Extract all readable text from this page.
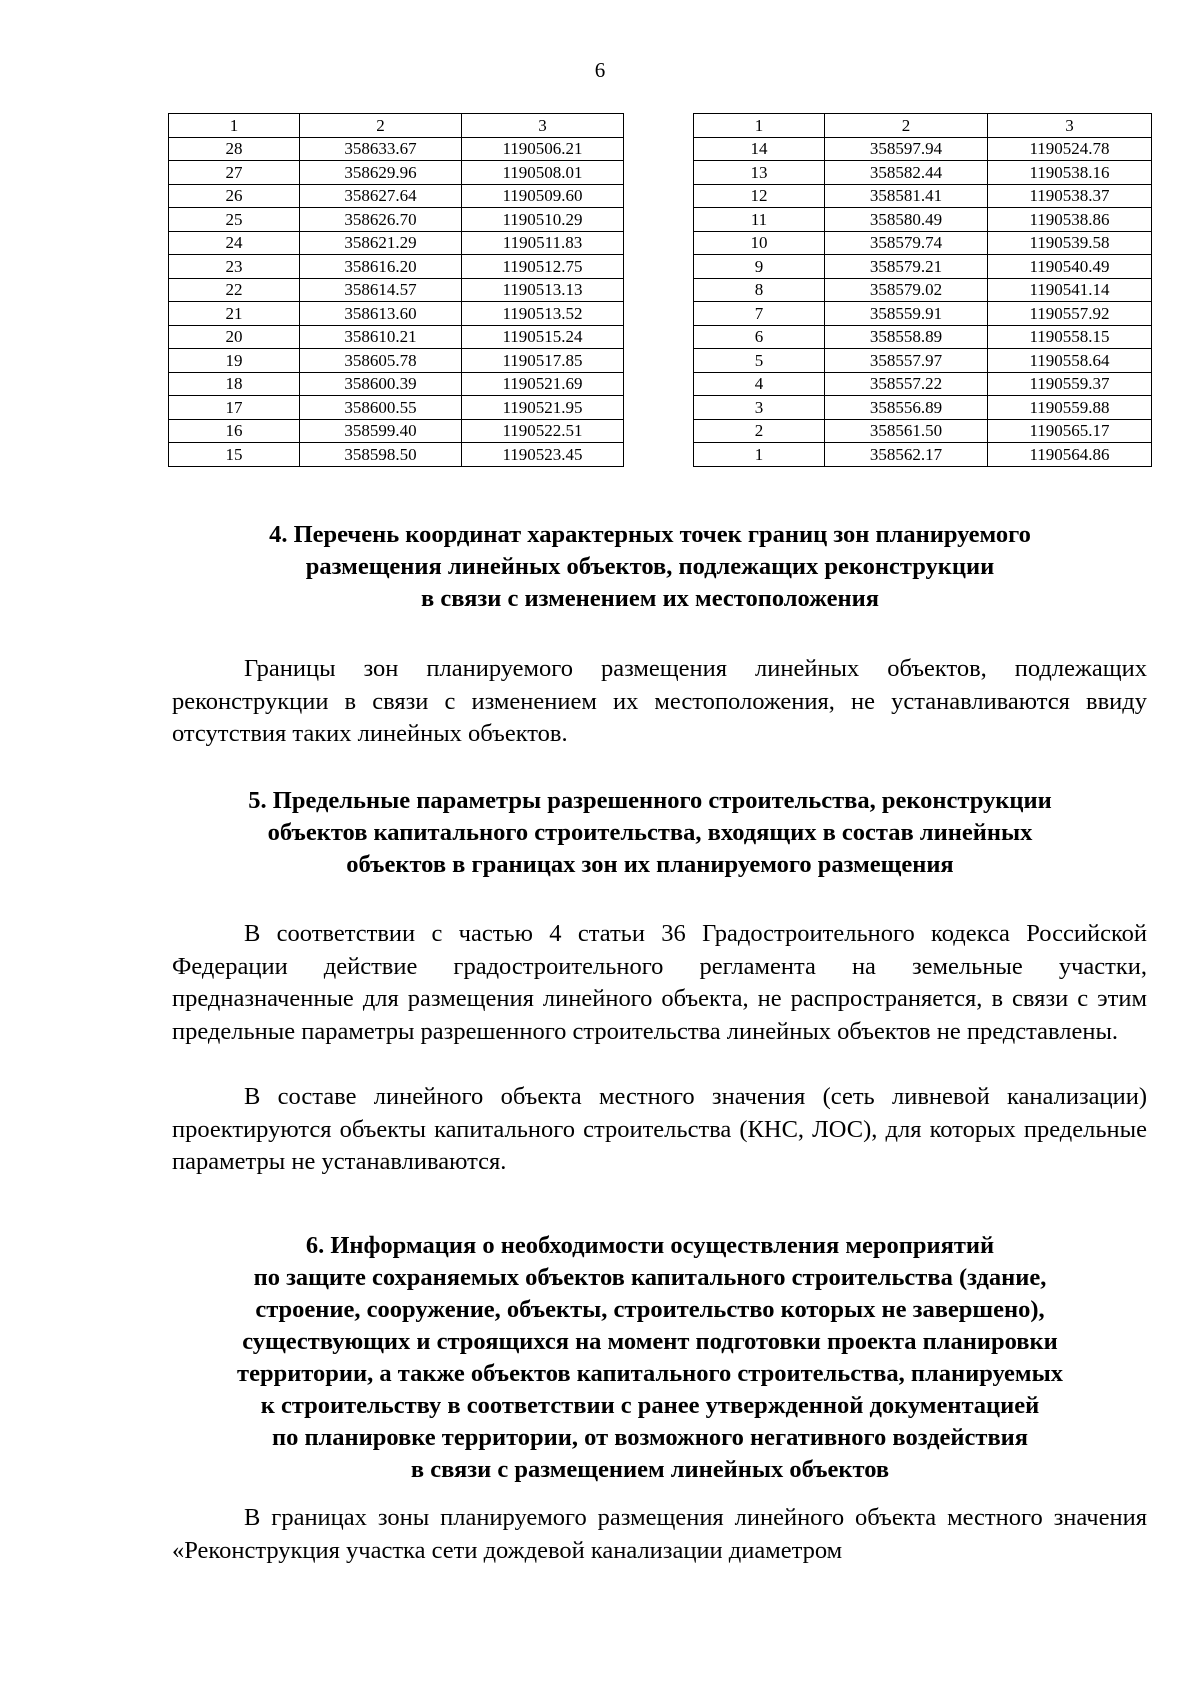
6
1	2	3
28	358633.67	1190506.21
27	358629.96	1190508.01
26	358627.64	1190509.60
25	358626.70	1190510.29
24	358621.29	1190511.83
23	358616.20	1190512.75
22	358614.57	1190513.13
21	358613.60	1190513.52
20	358610.21	1190515.24
19	358605.78	1190517.85
18	358600.39	1190521.69
17	358600.55	1190521.95
16	358599.40	1190522.51
15	358598.50	1190523.45
1	2	3
14	358597.94	1190524.78
13	358582.44	1190538.16
12	358581.41	1190538.37
11	358580.49	1190538.86
10	358579.74	1190539.58
9	358579.21	1190540.49
8	358579.02	1190541.14
7	358559.91	1190557.92
6	358558.89	1190558.15
5	358557.97	1190558.64
4	358557.22	1190559.37
3	358556.89	1190559.88
2	358561.50	1190565.17
1	358562.17	1190564.86
4. Перечень координат характерных точек границ зон планируемого
размещения линейных объектов, подлежащих реконструкции
в связи с изменением их местоположения
Границы зон планируемого размещения линейных объектов, подлежащих реконструкции в связи с изменением их местоположения, не устанавливаются ввиду отсутствия таких линейных объектов.
5. Предельные параметры разрешенного строительства, реконструкции
объектов капитального строительства, входящих в состав линейных
объектов в границах зон их планируемого размещения
В соответствии с частью 4 статьи 36 Градостроительного кодекса Российской Федерации действие градостроительного регламента на земельные участки, предназначенные для размещения линейного объекта, не распространяется, в связи с этим предельные параметры разрешенного строительства линейных объектов не представлены.
В составе линейного объекта местного значения (сеть ливневой канализации) проектируются объекты капитального строительства (КНС, ЛОС), для которых предельные параметры не устанавливаются.
6. Информация о необходимости осуществления мероприятий
по защите сохраняемых объектов капитального строительства (здание,
строение, сооружение, объекты, строительство которых не завершено),
существующих и строящихся на момент подготовки проекта планировки
территории, а также объектов капитального строительства, планируемых
к строительству в соответствии с ранее утвержденной документацией
по планировке территории, от возможного негативного воздействия
в связи с размещением линейных объектов
В границах зоны планируемого размещения линейного объекта местного значения «Реконструкция участка сети дождевой канализации диаметром
